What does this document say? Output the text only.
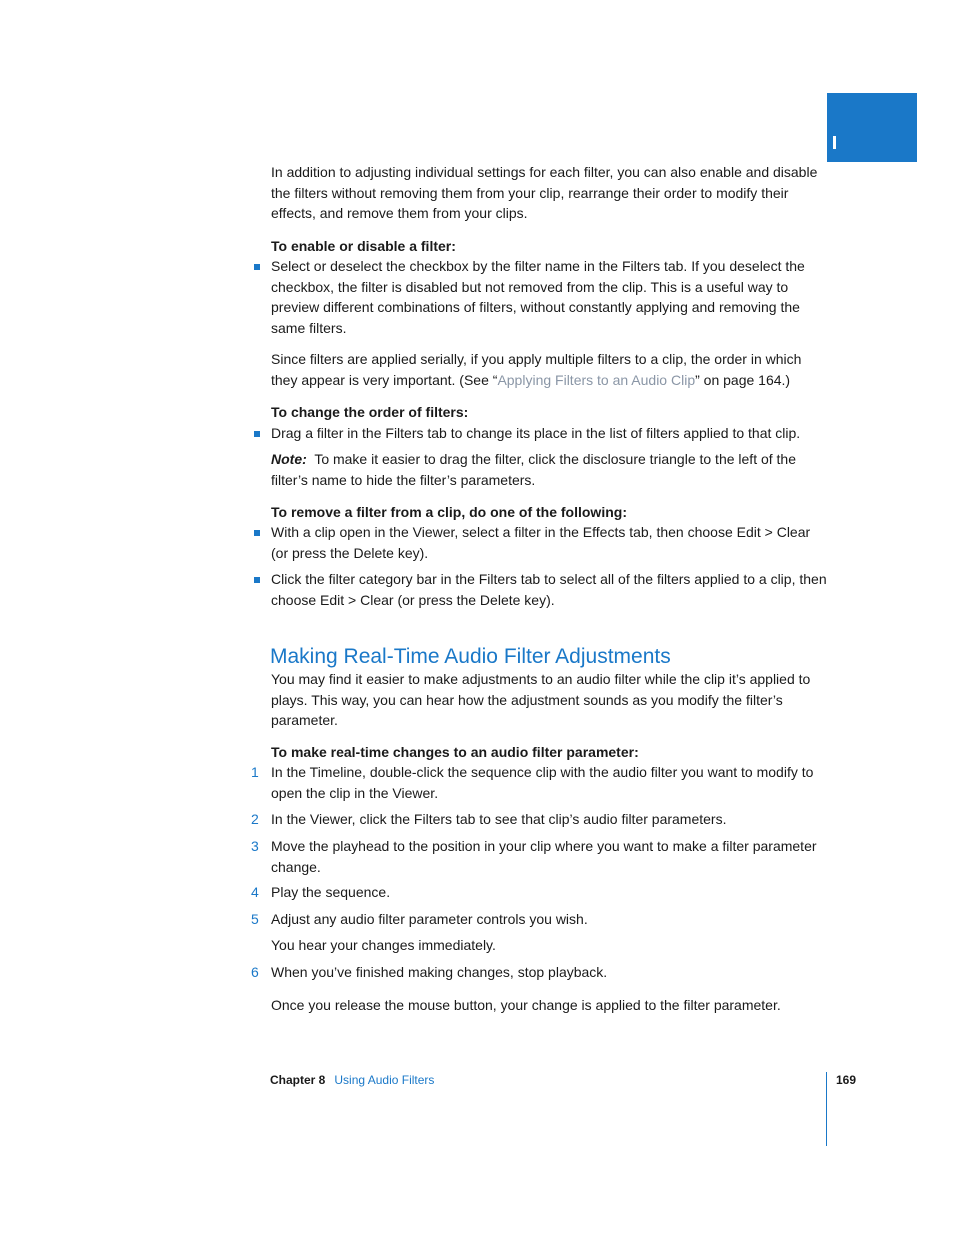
In addition to adjusting individual settings for each filter, you can also enable and disable the filters without removing them from your clip, rearrange their order to modify their effects, and remove them from your clips.

To enable or disable a filter:

Select or deselect the checkbox by the filter name in the Filters tab. If you deselect the checkbox, the filter is disabled but not removed from the clip. This is a useful way to preview different combinations of filters, without constantly applying and removing the same filters.

Since filters are applied serially, if you apply multiple filters to a clip, the order in which they appear is very important. (See “Applying Filters to an Audio Clip” on page 164.)

To change the order of filters:

Drag a filter in the Filters tab to change its place in the list of filters applied to that clip.

Note: To make it easier to drag the filter, click the disclosure triangle to the left of the filter’s name to hide the filter’s parameters.

To remove a filter from a clip, do one of the following:

With a clip open in the Viewer, select a filter in the Effects tab, then choose Edit > Clear (or press the Delete key).

Click the filter category bar in the Filters tab to select all of the filters applied to a clip, then choose Edit > Clear (or press the Delete key).

Making Real-Time Audio Filter Adjustments

You may find it easier to make adjustments to an audio filter while the clip it’s applied to plays. This way, you can hear how the adjustment sounds as you modify the filter’s parameter.

To make real-time changes to an audio filter parameter:

1 In the Timeline, double-click the sequence clip with the audio filter you want to modify to open the clip in the Viewer.

2 In the Viewer, click the Filters tab to see that clip’s audio filter parameters.

3 Move the playhead to the position in your clip where you want to make a filter parameter change.

4 Play the sequence.

5 Adjust any audio filter parameter controls you wish.

You hear your changes immediately.

6 When you’ve finished making changes, stop playback.

Once you release the mouse button, your change is applied to the filter parameter.

Chapter 8 Using Audio Filters	169
